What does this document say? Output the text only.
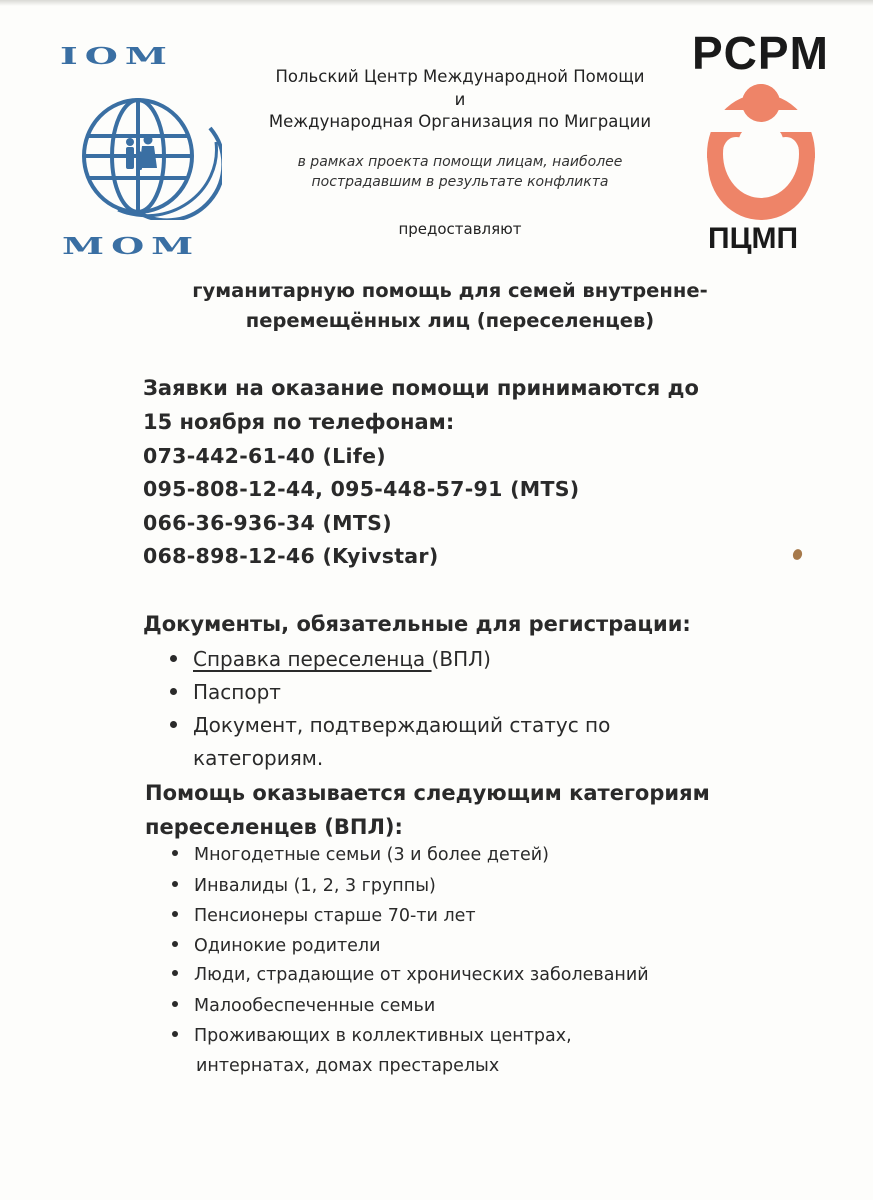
IOM
MOM
Польский Центр Международной Помощи
и
Международная Организация по Миграции
в рамках проекта помощи лицам, наиболее
пострадавшим в результате конфликта
предоставляют
PCPM
ПЦМП
гуманитарную помощь для семей внутренне-
перемещённых лиц (переселенцев)
Заявки на оказание помощи принимаются до
15 ноября по телефонам:
073-442-61-40 (Life)
095-808-12-44, 095-448-57-91 (MTS)
066-36-936-34 (MTS)
068-898-12-46 (Kyivstar)
Документы, обязательные для регистрации:
Справка переселенца (ВПЛ)
Паспорт
Документ, подтверждающий статус по
категориям.
Помощь оказывается следующим категориям
переселенцев (ВПЛ):
Многодетные семьи (3 и более детей)
Инвалиды (1, 2, 3 группы)
Пенсионеры старше 70-ти лет
Одинокие родители
Люди, страдающие от хронических заболеваний
Малообеспеченные семьи
Проживающих в коллективных центрах,
интернатах, домах престарелых
